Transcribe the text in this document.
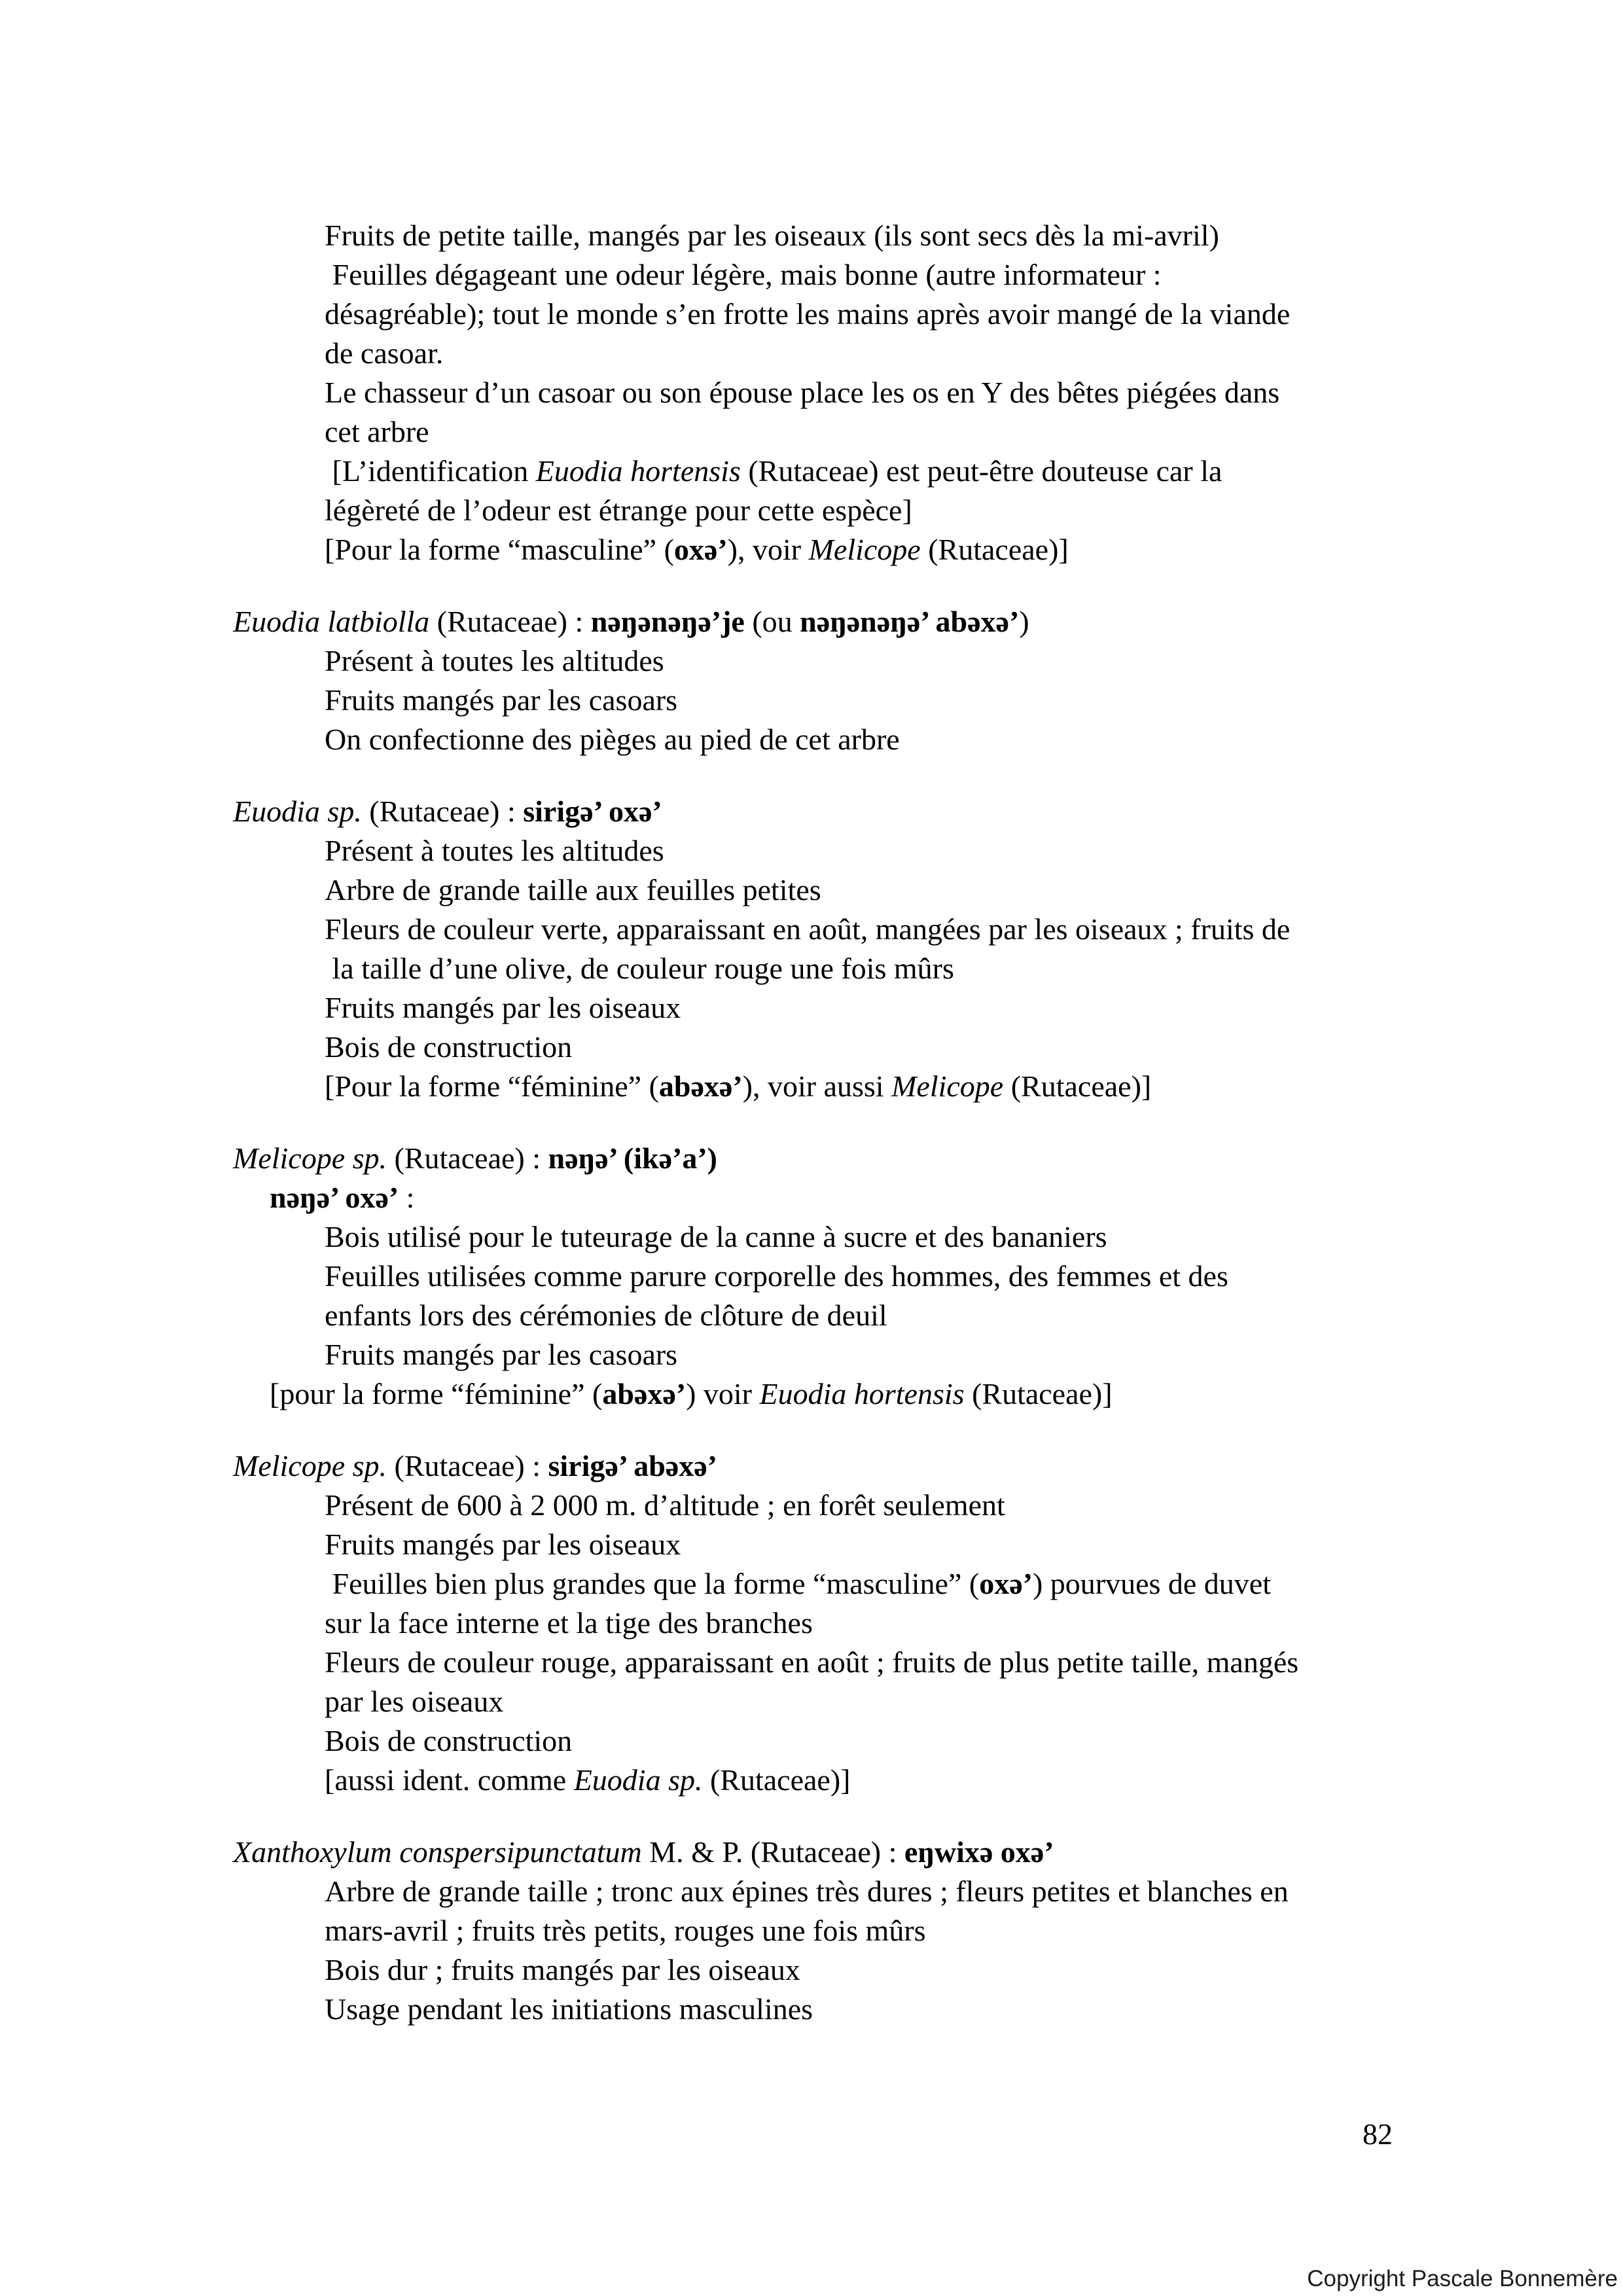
Fruits de petite taille, mangés par les oiseaux (ils sont secs dès la mi-avril)
Feuilles dégageant une odeur légère, mais bonne (autre informateur :
désagréable); tout le monde s’en frotte les mains après avoir mangé de la viande
de casoar.
Le chasseur d’un casoar ou son épouse place les os en Y des bêtes piégées dans
cet arbre
[L’identification Euodia hortensis (Rutaceae) est peut-être douteuse car la
légèreté de l’odeur est étrange pour cette espèce]
[Pour la forme “masculine” (oxə’), voir Melicope (Rutaceae)]
Euodia latbiolla (Rutaceae) : nəŋənəŋə’je (ou nəŋənəŋə’ abəxə’)
Présent à toutes les altitudes
Fruits mangés par les casoars
On confectionne des pièges au pied de cet arbre
Euodia sp. (Rutaceae) : sirigə’ oxə’
Présent à toutes les altitudes
Arbre de grande taille aux feuilles petites
Fleurs de couleur verte, apparaissant en août, mangées par les oiseaux ; fruits de
la taille d’une olive, de couleur rouge une fois mûrs
Fruits mangés par les oiseaux
Bois de construction
[Pour la forme “féminine” (abəxə’), voir aussi Melicope (Rutaceae)]
Melicope sp. (Rutaceae) : nəŋə’ (ikə’a’)
nəŋə’ oxə’ :
Bois utilisé pour le tuteurage de la canne à sucre et des bananiers
Feuilles utilisées comme parure corporelle des hommes, des femmes et des
enfants lors des cérémonies de clôture de deuil
Fruits mangés par les casoars
[pour la forme “féminine” (abəxə’) voir Euodia hortensis (Rutaceae)]
Melicope sp. (Rutaceae) : sirigə’ abəxə’
Présent de 600 à 2 000 m. d’altitude ; en forêt seulement
Fruits mangés par les oiseaux
Feuilles bien plus grandes que la forme “masculine” (oxə’) pourvues de duvet
sur la face interne et la tige des branches
Fleurs de couleur rouge, apparaissant en août ; fruits de plus petite taille, mangés
par les oiseaux
Bois de construction
[aussi ident. comme Euodia sp. (Rutaceae)]
Xanthoxylum conspersipunctatum M. & P. (Rutaceae) : eŋwixə oxə’
Arbre de grande taille ; tronc aux épines très dures ; fleurs petites et blanches en
mars-avril ; fruits très petits, rouges une fois mûrs
Bois dur ; fruits mangés par les oiseaux
Usage pendant les initiations masculines
82
Copyright Pascale Bonnemère
